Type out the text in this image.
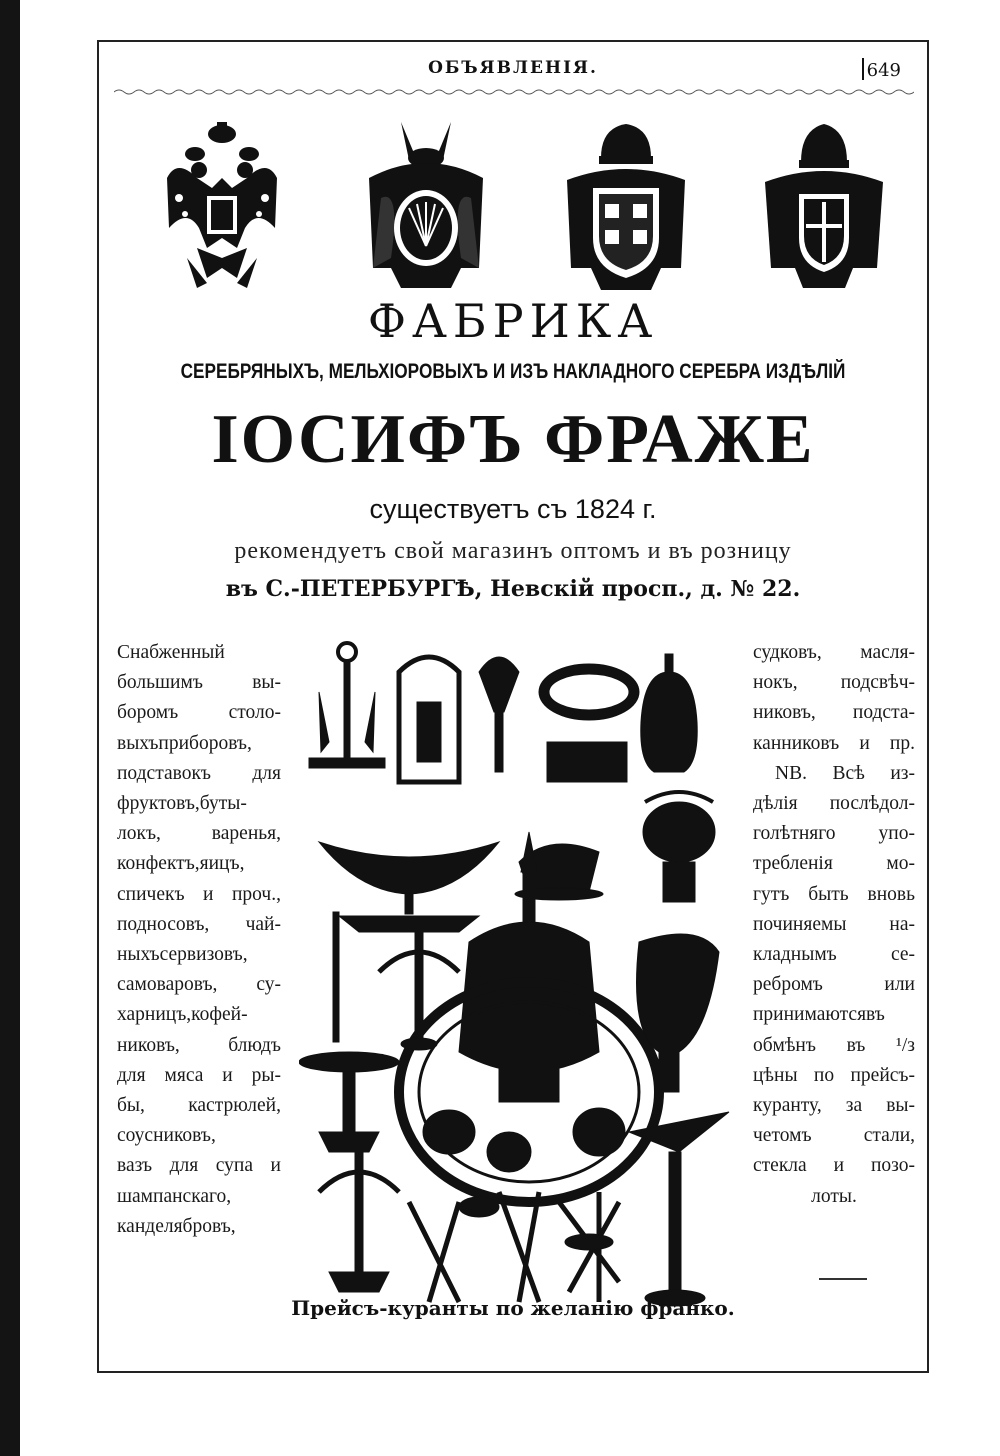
ОБЪЯВЛЕНІЯ.	649
ФАБРИКА
СЕРЕБРЯНЫХЪ, МЕЛЬХІОРОВЫХЪ И ИЗЪ НАКЛАДНОГО СЕРЕБРА ИЗДѢЛІЙ
ІОСИФЪ ФРАЖЕ
существуетъ съ 1824 г.
рекомендуетъ свой магазинъ оптомъ и въ розницу
въ С.-ПЕТЕРБУРГѢ, Невскій просп., д. № 22.
Снабженный
большимъ вы-
боромъ столо-
выхъприборовъ,
подставокъ для
фруктовъ,буты-
локъ, варенья,
конфектъ,яицъ,
спичекъ и проч.,
подносовъ, чай-
ныхъсервизовъ,
самоваровъ, су-
харницъ,кофей-
никовъ, блюдъ
для мяса и ры-
бы, кастрюлей,
соусниковъ,
вазъ для супа и
шампанскаго,
канделябровъ,
судковъ, масля-
нокъ, подсвѣч-
никовъ, подста-
канниковъ и пр.
NB. Всѣ из-
дѣлія послѣдол-
голѣтняго упо-
требленія мо-
гутъ быть вновь
починяемы на-
кладнымъ се-
ребромъ или
принимаютсявъ
обмѣнъ въ ¹/з
цѣны по прейсъ-
куранту, за вы-
четомъ стали,
стекла и позо-
лоты.
Прейсъ-куранты по желанію франко.
